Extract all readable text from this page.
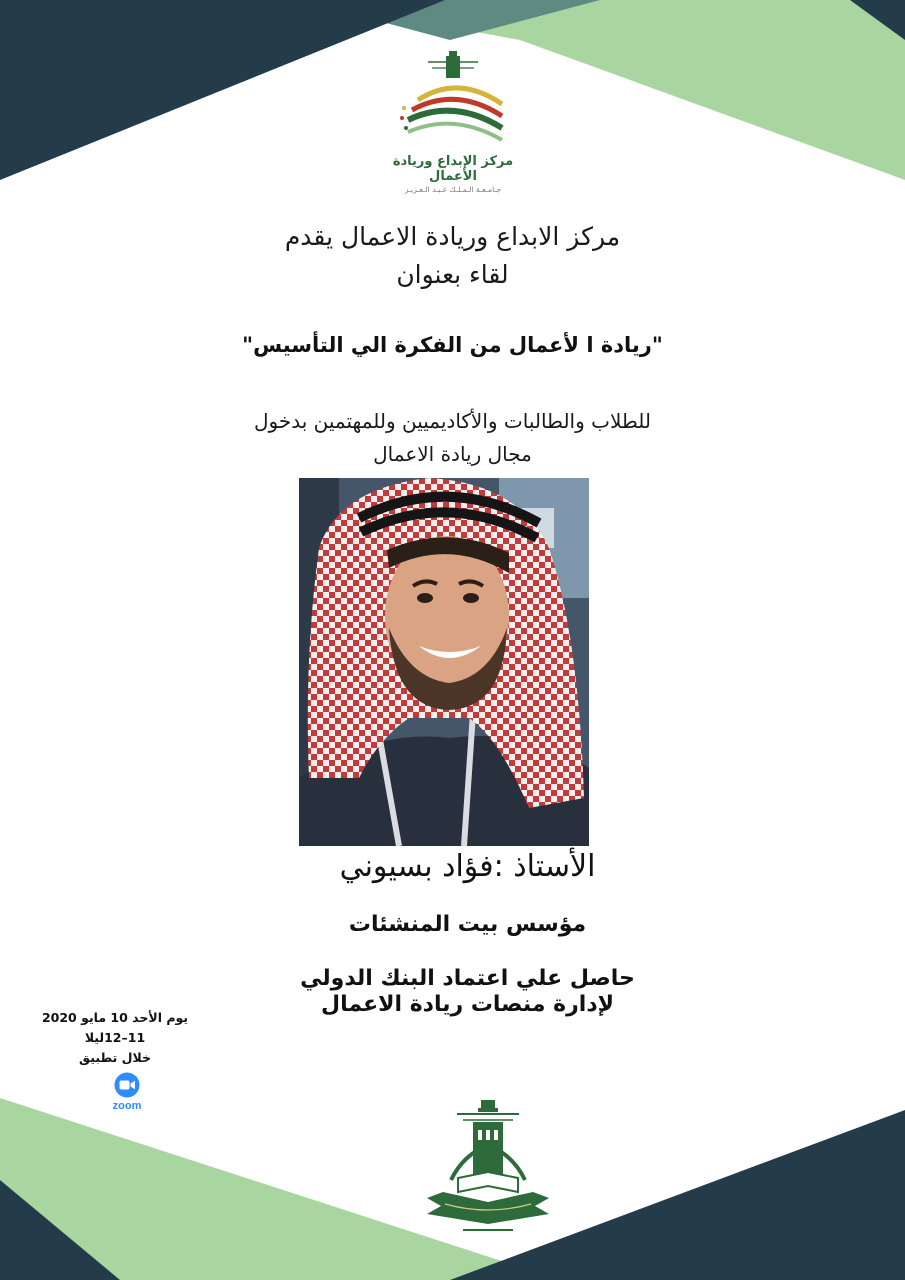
مركز الإبداع وريادة الأعمال
جـامـعـة الـمـلـك عـبـد الـعـزيـز
مركز الابداع وريادة الاعمال يقدم
لقاء بعنوان
"ريادة ا لأعمال من الفكرة الي التأسيس"
للطلاب والطالبات والأكاديميين وللمهتمين بدخول
مجال ريادة الاعمال
الأستاذ :فؤاد بسيوني
مؤسس بيت المنشئات
حاصل علي اعتماد البنك الدولي
لإدارة منصات ريادة الاعمال
يوم الأحد 10 مايو 2020
11–12ليلا
خلال تطبيق
zoom
